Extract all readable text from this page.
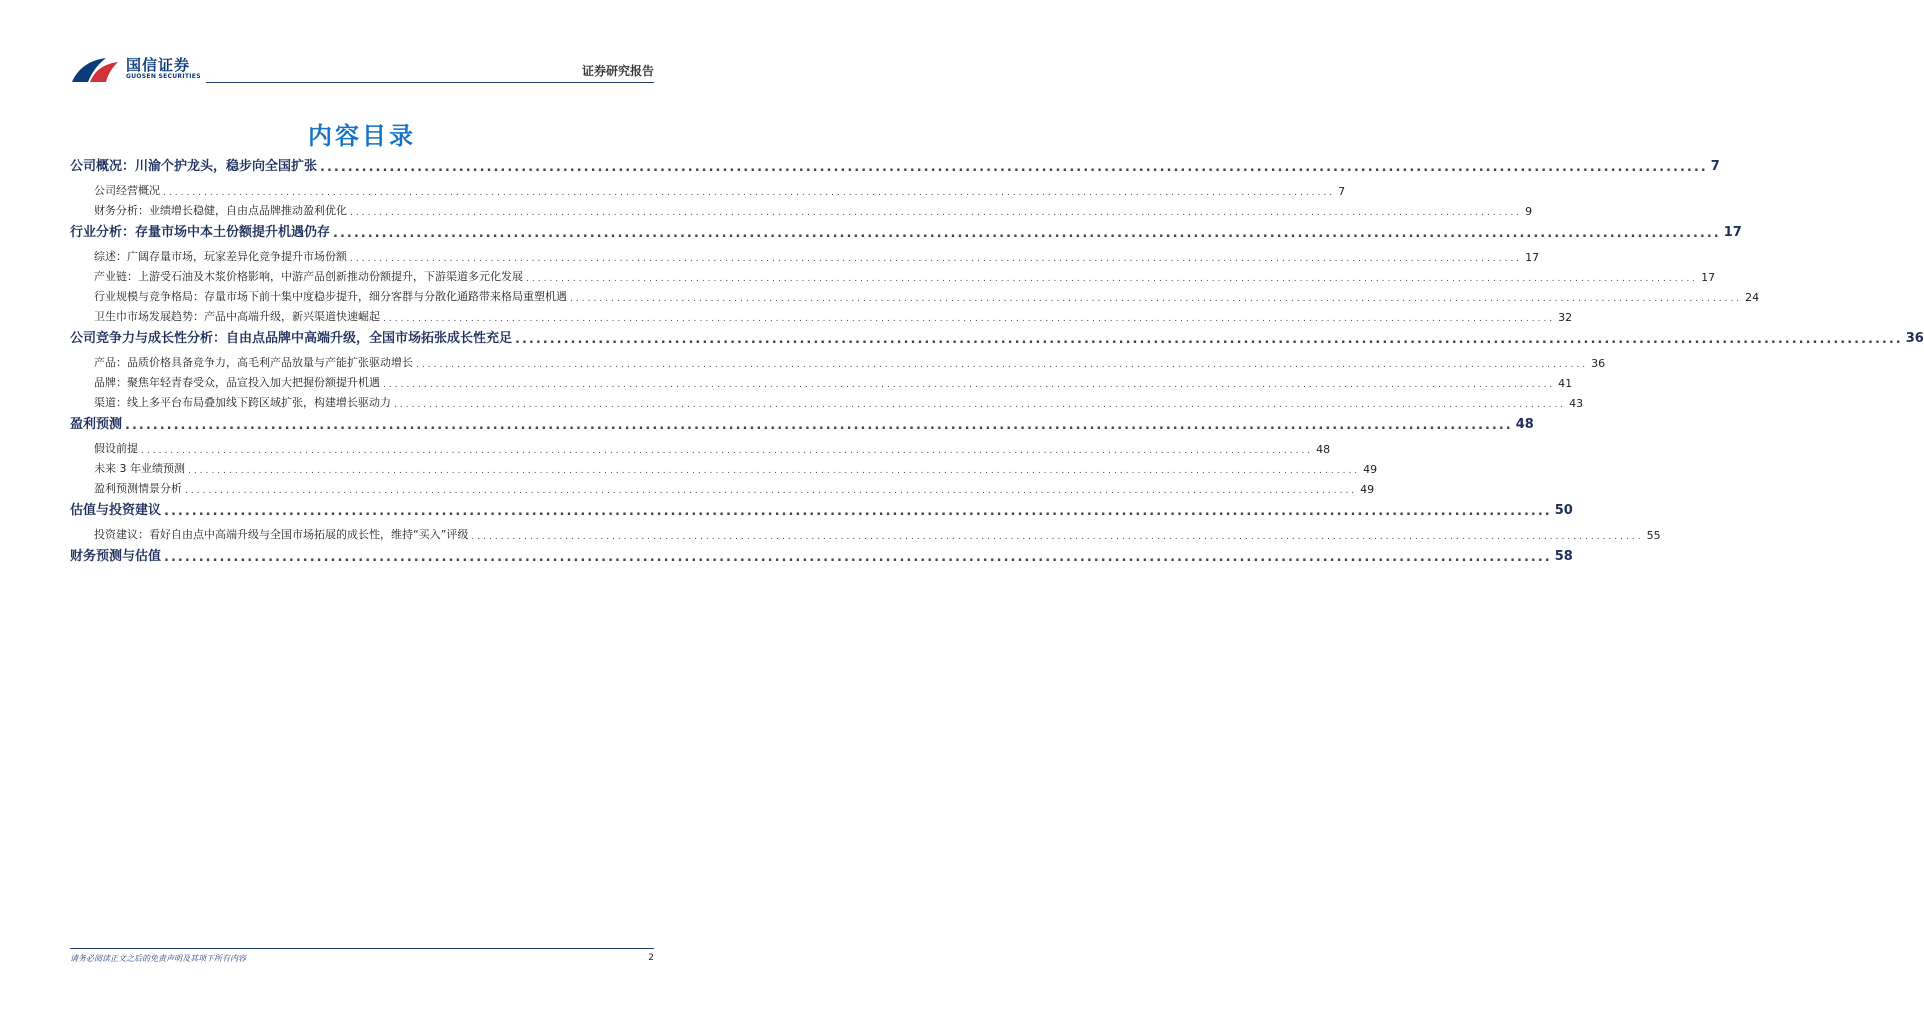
国信证券
GUOSEN SECURITIES	证券研究报告
内容目录
公司概况：川渝个护龙头，稳步向全国扩张 ........................................................................................................................................................................................................ 7
公司经营概况 ........................................................................................................................................................................................................ 7
财务分析：业绩增长稳健，自由点品牌推动盈利优化 ........................................................................................................................................................................................................ 9
行业分析：存量市场中本土份额提升机遇仍存 ........................................................................................................................................................................................................ 17
综述：广阔存量市场，玩家差异化竞争提升市场份额 ........................................................................................................................................................................................................ 17
产业链：上游受石油及木浆价格影响，中游产品创新推动份额提升，下游渠道多元化发展 ........................................................................................................................................................................................................ 17
行业规模与竞争格局：存量市场下前十集中度稳步提升，细分客群与分散化通路带来格局重塑机遇 ........................................................................................................................................................................................................ 24
卫生巾市场发展趋势：产品中高端升级，新兴渠道快速崛起 ........................................................................................................................................................................................................ 32
公司竞争力与成长性分析：自由点品牌中高端升级，全国市场拓张成长性充足 ........................................................................................................................................................................................................ 36
产品：品质价格具备竞争力，高毛利产品放量与产能扩张驱动增长 ........................................................................................................................................................................................................ 36
品牌：聚焦年轻青春受众，品宣投入加大把握份额提升机遇 ........................................................................................................................................................................................................ 41
渠道：线上多平台布局叠加线下跨区域扩张，构建增长驱动力 ........................................................................................................................................................................................................ 43
盈利预测 ........................................................................................................................................................................................................ 48
假设前提 ........................................................................................................................................................................................................ 48
未来 3 年业绩预测 ........................................................................................................................................................................................................ 49
盈利预测情景分析 ........................................................................................................................................................................................................ 49
估值与投资建议 ........................................................................................................................................................................................................ 50
投资建议：看好自由点中高端升级与全国市场拓展的成长性，维持“买入”评级 ........................................................................................................................................................................................................ 55
财务预测与估值 ........................................................................................................................................................................................................ 58
请务必阅读正文之后的免责声明及其项下所有内容	2
